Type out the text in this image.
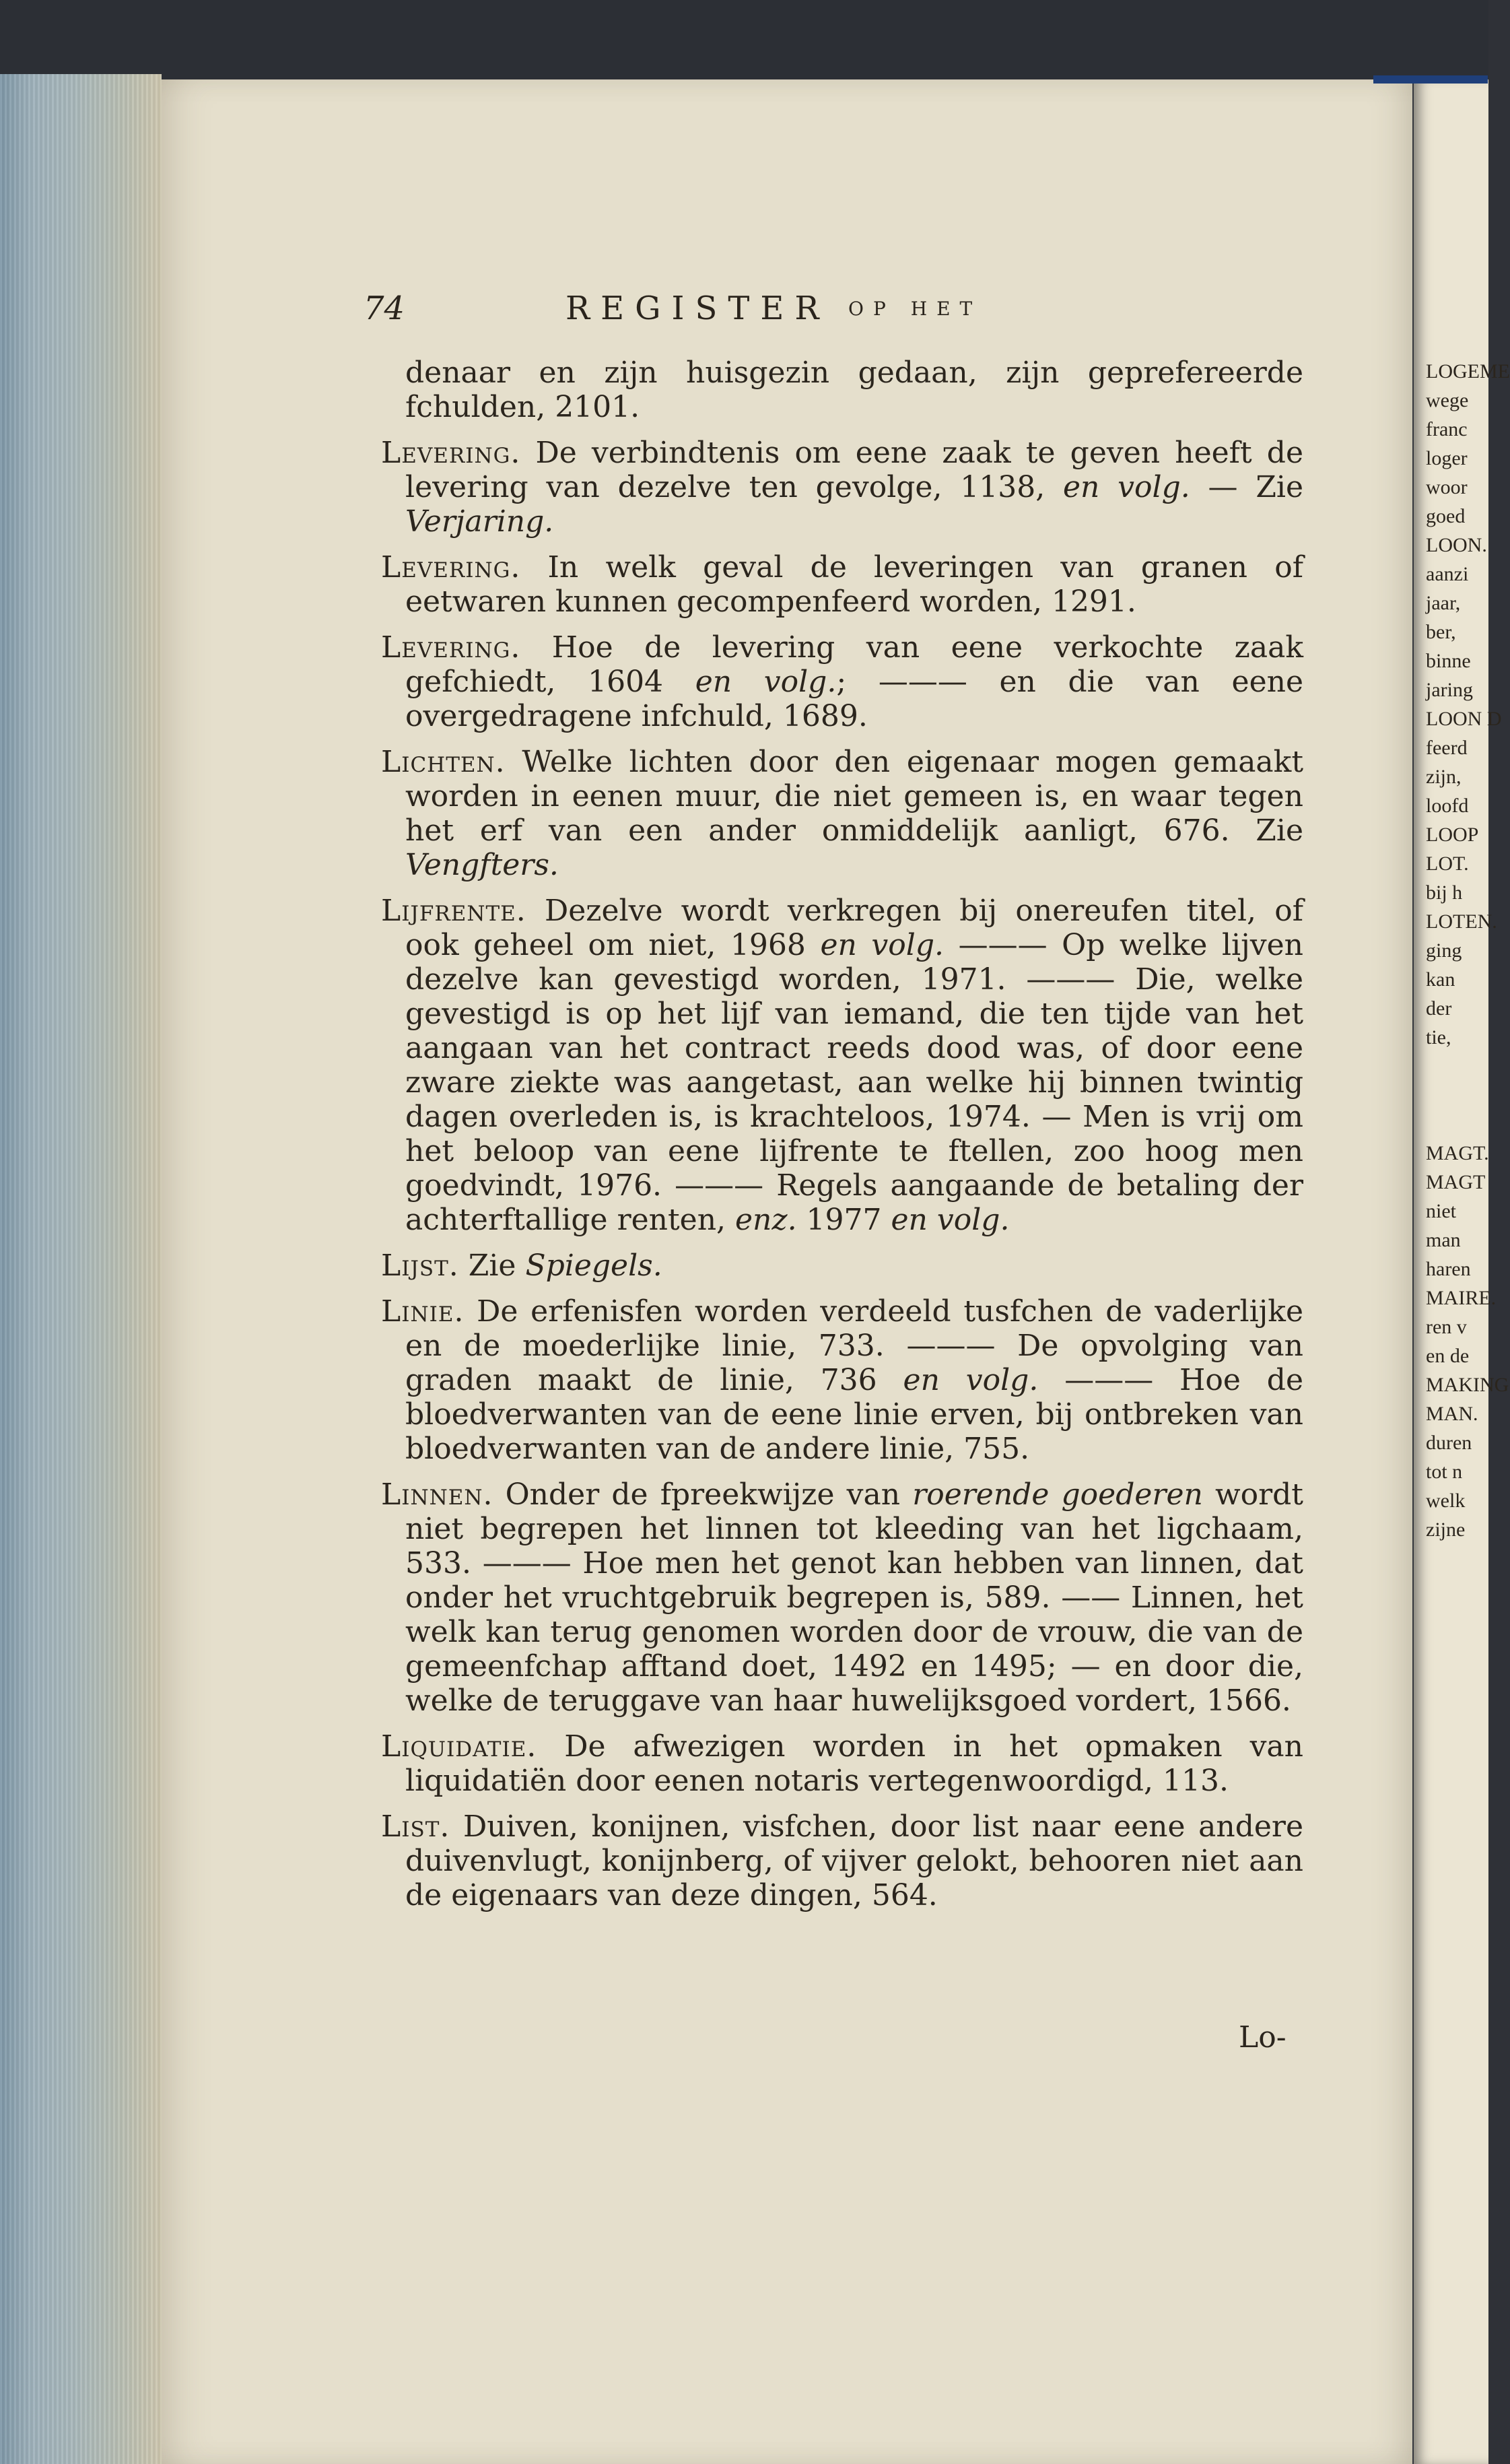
74	REGISTER OP HET

denaar en zijn huisgezin gedaan, zijn geprefereerde fchulden, 2101.

Levering. De verbindtenis om eene zaak te geven heeft de levering van dezelve ten gevolge, 1138, en volg. — Zie Verjaring.

Levering. In welk geval de leveringen van granen of eetwaren kunnen gecompenfeerd worden, 1291.

Levering. Hoe de levering van eene verkochte zaak gefchiedt, 1604 en volg.; ——— en die van eene overgedragene infchuld, 1689.

Lichten. Welke lichten door den eigenaar mogen gemaakt worden in eenen muur, die niet gemeen is, en waar tegen het erf van een ander onmiddelijk aanligt, 676. Zie Vengfters.

Lijfrente. Dezelve wordt verkregen bij onereufen titel, of ook geheel om niet, 1968 en volg. ——— Op welke lijven dezelve kan gevestigd worden, 1971. ——— Die, welke gevestigd is op het lijf van iemand, die ten tijde van het aangaan van het contract reeds dood was, of door eene zware ziekte was aangetast, aan welke hij binnen twintig dagen overleden is, is krachteloos, 1974. — Men is vrij om het beloop van eene lijfrente te ftellen, zoo hoog men goedvindt, 1976. ——— Regels aangaande de betaling der achterftallige renten, enz. 1977 en volg.

Lijst. Zie Spiegels.

Linie. De erfenisfen worden verdeeld tusfchen de vaderlijke en de moederlijke linie, 733. ——— De opvolging van graden maakt de linie, 736 en volg. ——— Hoe de bloedverwanten van de eene linie erven, bij ontbreken van bloedverwanten van de andere linie, 755.

Linnen. Onder de fpreekwijze van roerende goederen wordt niet begrepen het linnen tot kleeding van het ligchaam, 533. ——— Hoe men het genot kan hebben van linnen, dat onder het vruchtgebruik begrepen is, 589. —— Linnen, het welk kan terug genomen worden door de vrouw, die van de gemeenfchap afftand doet, 1492 en 1495; — en door die, welke de teruggave van haar huwelijksgoed vordert, 1566.

Liquidatie. De afwezigen worden in het opmaken van liquidatiën door eenen notaris vertegenwoordigd, 113.

List. Duiven, konijnen, visfchen, door list naar eene andere duivenvlugt, konijnberg, of vijver gelokt, behooren niet aan de eigenaars van deze dingen, 564.

Lo-
LOGEME
wege
franc
loger
woor
goed
LOON.
aanzi
jaar,
ber,
binne
jaring
LOON D
feerd
zijn,
loofd
LOOP
LOT.
bij h
LOTEN.
ging
kan
der
tie,

MAGT.
MAGT
niet
man
haren
MAIRE.
ren v
en de
MAKING
MAN.
duren
tot n
welk
zijne
